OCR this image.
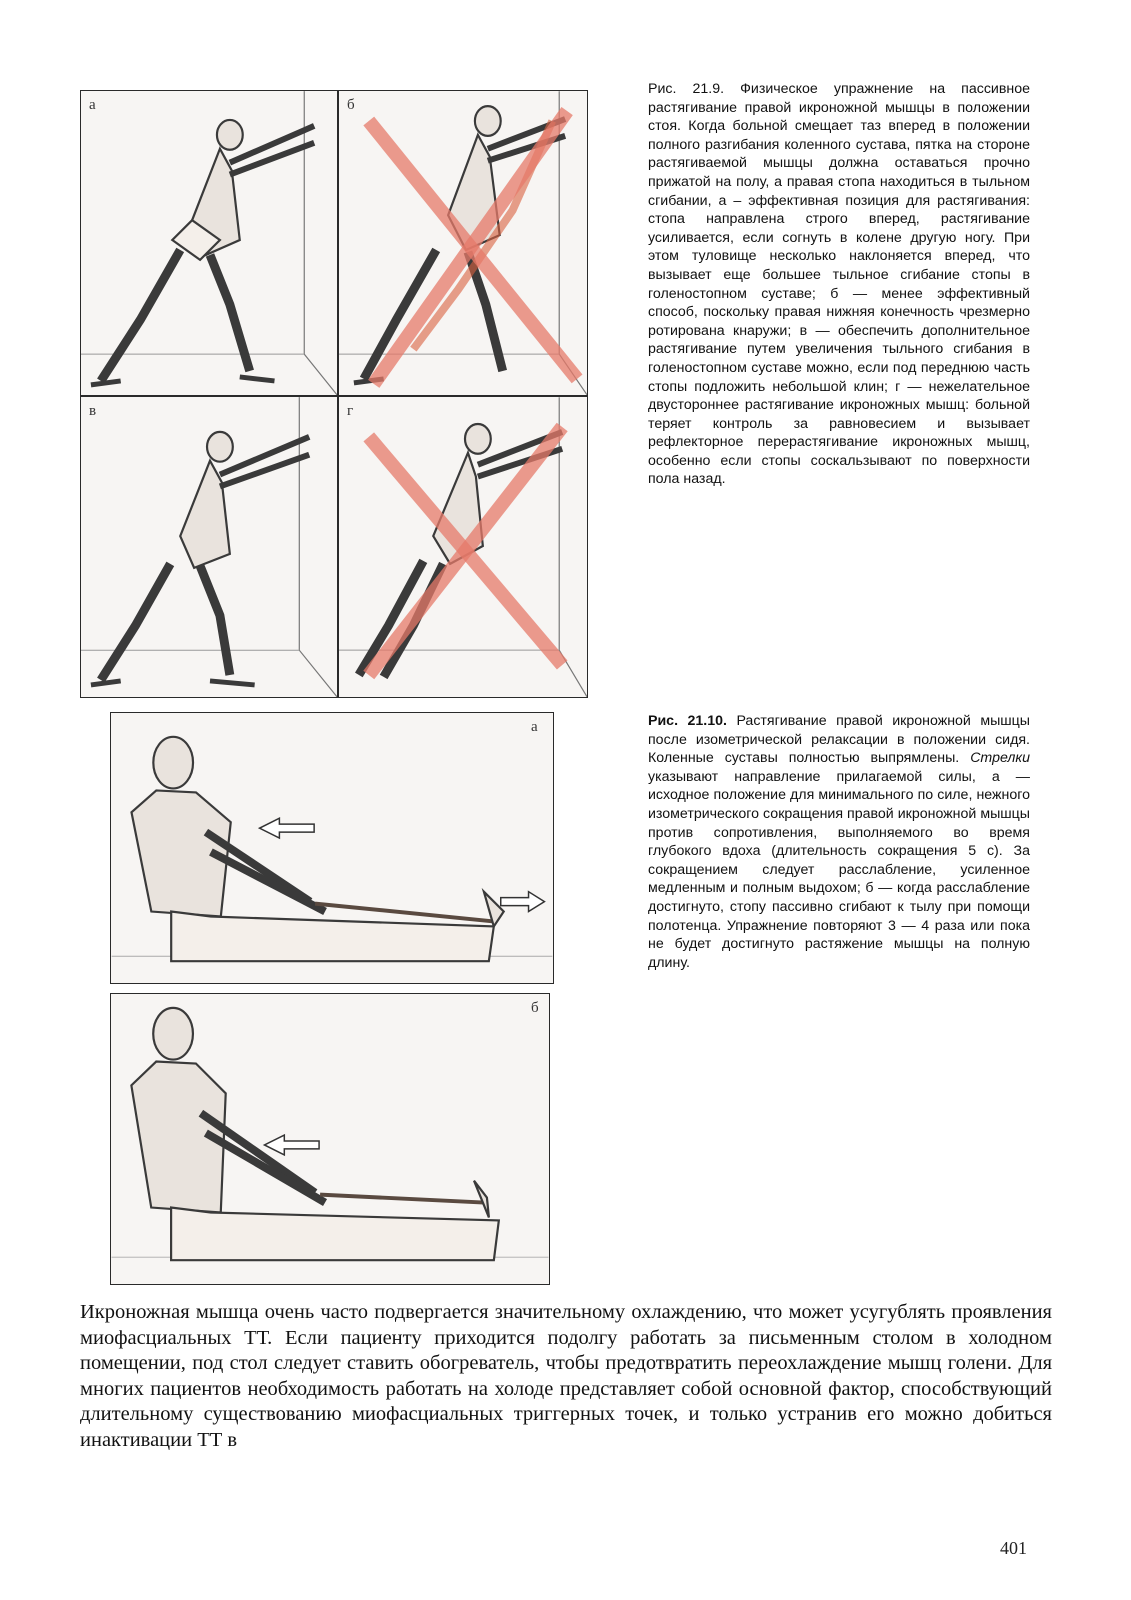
а	б
в	г
Рис. 21.9. Физическое упражнение на пассивное растягивание правой икроножной мышцы в положении стоя. Когда больной смещает таз вперед в положении полного разгибания коленного сустава, пятка на стороне растягиваемой мышцы должна оставаться прочно прижатой на полу, а правая стопа находиться в тыльном сгибании, а – эффективная позиция для растягивания: стопа направлена строго вперед, растягивание усиливается, если согнуть в колене другую ногу. При этом туловище несколько наклоняется вперед, что вызывает еще большее тыльное сгибание стопы в голеностопном суставе; б — менее эффективный способ, поскольку правая нижняя конечность чрезмерно ротирована кнаружи; в — обеспечить дополнительное растягивание путем увеличения тыльного сгибания в голеностопном суставе можно, если под переднюю часть стопы подложить небольшой клин; г — нежелательное двустороннее растягивание икроножных мышц: больной теряет контроль за равновесием и вызывает рефлекторное перерастягивание икроножных мышц, особенно если стопы соскальзывают по поверхности пола назад.
а
б
Рис. 21.10. Растягивание правой икроножной мышцы после изометрической релаксации в положении сидя. Коленные суставы полностью выпрямлены. Стрелки указывают направление прилагаемой силы, а — исходное положение для минимального по силе, нежного изометрического сокращения правой икроножной мышцы против сопротивления, выполняемого во время глубокого вдоха (длительность сокращения 5 с). За сокращением следует расслабление, усиленное медленным и полным выдохом; б — когда расслабление достигнуто, стопу пассивно сгибают к тылу при помощи полотенца. Упражнение повторяют 3 — 4 раза или пока не будет достигнуто растяжение мышцы на полную длину.
Икроножная мышца очень часто подвергается значительному охлаждению, что может усугублять проявления миофасциальных ТТ. Если пациенту приходится подолгу работать за письменным столом в холодном помещении, под стол следует ставить обогреватель, чтобы предотвратить переохлаждение мышц голени. Для многих пациентов необходимость работать на холоде представляет собой основной фактор, способствующий длительному существованию миофасциальных триггерных точек, и только устранив его можно добиться инактивации ТТ в
401
